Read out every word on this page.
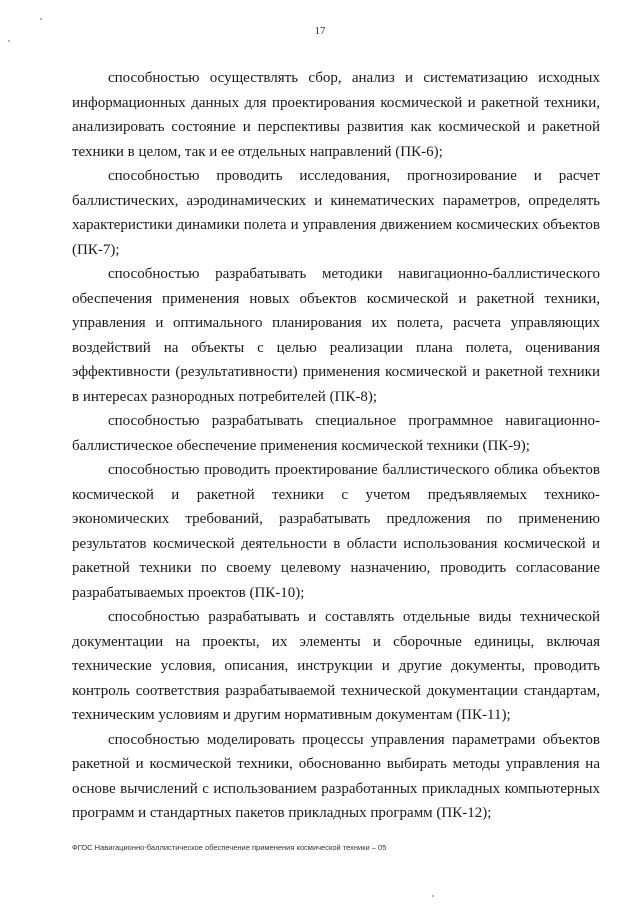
17

способностью осуществлять сбор, анализ и систематизацию исходных информационных данных для проектирования космической и ракетной техники, анализировать состояние и перспективы развития как космической и ракетной техники в целом, так и ее отдельных направлений (ПК-6);

способностью проводить исследования, прогнозирование и расчет баллистических, аэродинамических и кинематических параметров, определять характеристики динамики полета и управления движением космических объектов (ПК-7);

способностью разрабатывать методики навигационно-баллистического обеспечения применения новых объектов космической и ракетной техники, управления и оптимального планирования их полета, расчета управляющих воздействий на объекты с целью реализации плана полета, оценивания эффективности (результативности) применения космической и ракетной техники в интересах разнородных потребителей (ПК-8);

способностью разрабатывать специальное программное навигационно-баллистическое обеспечение применения космической техники (ПК-9);

способностью проводить проектирование баллистического облика объектов космической и ракетной техники с учетом предъявляемых технико-экономических требований, разрабатывать предложения по применению результатов космической деятельности в области использования космической и ракетной техники по своему целевому назначению, проводить согласование разрабатываемых проектов (ПК-10);

способностью разрабатывать и составлять отдельные виды технической документации на проекты, их элементы и сборочные единицы, включая технические условия, описания, инструкции и другие документы, проводить контроль соответствия разрабатываемой технической документации стандартам, техническим условиям и другим нормативным документам (ПК-11);

способностью моделировать процессы управления параметрами объектов ракетной и космической техники, обоснованно выбирать методы управления на основе вычислений с использованием разработанных прикладных компьютерных программ и стандартных пакетов прикладных программ (ПК-12);

ФГОС Навигационно-баллистическое обеспечение применения космической техники – 05
